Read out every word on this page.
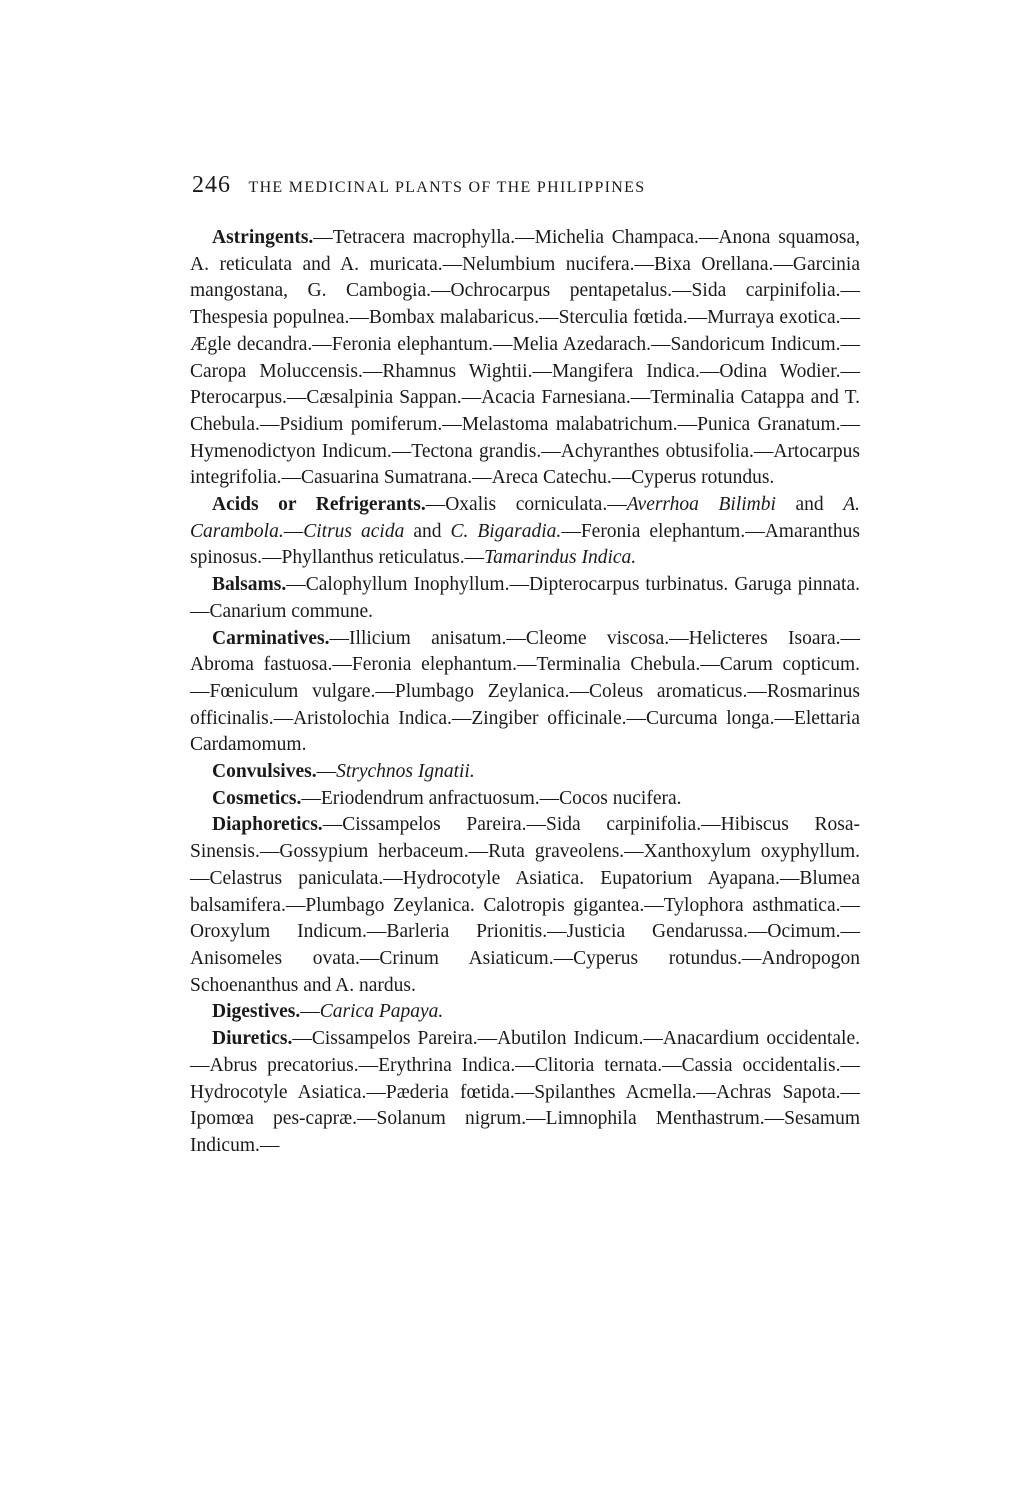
246 THE MEDICINAL PLANTS OF THE PHILIPPINES

Astringents.—Tetracera macrophylla.—Michelia Champaca.—Anona squamosa, A. reticulata and A. muricata.—Nelumbium nucifera.—Bixa Orellana.—Garcinia mangostana, G. Cambogia.—Ochrocarpus pentapetalus.—Sida carpinifolia.—Thespesia populnea.—Bombax malabaricus.—Sterculia fœtida.—Murraya exotica.—Ægle decandra.—Feronia elephantum.—Melia Azedarach.—Sandoricum Indicum.—Caropa Moluccensis.—Rhamnus Wightii.—Mangifera Indica.—Odina Wodier.—Pterocarpus.—Cæsalpinia Sappan.—Acacia Farnesiana.—Terminalia Catappa and T. Chebula.—Psidium pomiferum.—Melastoma malabatrichum.—Punica Granatum.—Hymenodictyon Indicum.—Tectona grandis.—Achyranthes obtusifolia.—Artocarpus integrifolia.—Casuarina Sumatrana.—Areca Catechu.—Cyperus rotundus.

Acids or Refrigerants.—Oxalis corniculata.—Averrhoa Bilimbi and A. Carambola.—Citrus acida and C. Bigaradia.—Feronia elephantum.—Amaranthus spinosus.—Phyllanthus reticulatus.—Tamarindus Indica.

Balsams.—Calophyllum Inophyllum.—Dipterocarpus turbinatus. Garuga pinnata.—Canarium commune.

Carminatives.—Illicium anisatum.—Cleome viscosa.—Helicteres Isoara.—Abroma fastuosa.—Feronia elephantum.—Terminalia Chebula.—Carum copticum.—Fœniculum vulgare.—Plumbago Zeylanica.—Coleus aromaticus.—Rosmarinus officinalis.—Aristolochia Indica.—Zingiber officinale.—Curcuma longa.—Elettaria Cardamomum.

Convulsives.—Strychnos Ignatii.

Cosmetics.—Eriodendrum anfractuosum.—Cocos nucifera.

Diaphoretics.—Cissampelos Pareira.—Sida carpinifolia.—Hibiscus Rosa-Sinensis.—Gossypium herbaceum.—Ruta graveolens.—Xanthoxylum oxyphyllum.—Celastrus paniculata.—Hydrocotyle Asiatica. Eupatorium Ayapana.—Blumea balsamifera.—Plumbago Zeylanica. Calotropis gigantea.—Tylophora asthmatica.—Oroxylum Indicum.—Barleria Prionitis.—Justicia Gendarussa.—Ocimum.—Anisomeles ovata.—Crinum Asiaticum.—Cyperus rotundus.—Andropogon Schoenanthus and A. nardus.

Digestives.—Carica Papaya.

Diuretics.—Cissampelos Pareira.—Abutilon Indicum.—Anacardium occidentale.—Abrus precatorius.—Erythrina Indica.—Clitoria ternata.—Cassia occidentalis.—Hydrocotyle Asiatica.—Pæderia fœtida.—Spilanthes Acmella.—Achras Sapota.—Ipomœa pes-capræ.—Solanum nigrum.—Limnophila Menthastrum.—Sesamum Indicum.—
